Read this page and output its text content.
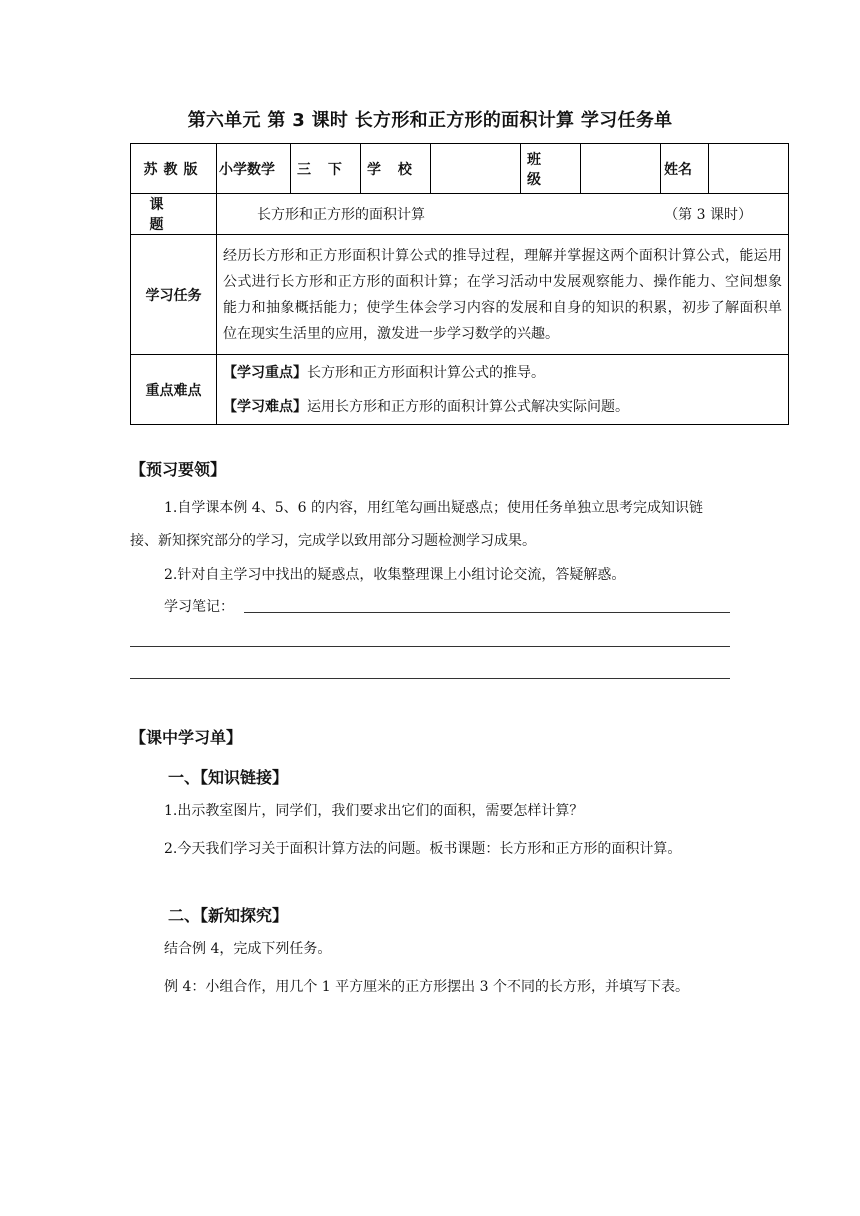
第六单元 第 3 课时 长方形和正方形的面积计算 学习任务单
苏教版	小学数学	三 下	学 校		班 级		姓名	
课 题	长方形和正方形的面积计算 （第 3 课时）							

学习任务	经历长方形和正方形面积计算公式的推导过程，理解并掌握这两个面积计算公式，能运用公式进行长方形和正方形的面积计算；在学习活动中发展观察能力、操作能力、空间想象能力和抽象概括能力；使学生体会学习内容的发展和自身的知识的积累，初步了解面积单位在现实生活里的应用，激发进一步学习数学的兴趣。							
重点难点	【学习重点】长方形和正方形面积计算公式的推导。
【学习难点】运用长方形和正方形的面积计算公式解决实际问题。							
【预习要领】
1.自学课本例 4、5、6 的内容，用红笔勾画出疑惑点；使用任务单独立思考完成知识链接、新知探究部分的学习，完成学以致用部分习题检测学习成果。
2.针对自主学习中找出的疑惑点，收集整理课上小组讨论交流，答疑解惑。
学习笔记：
【课中学习单】
一、【知识链接】
1.出示教室图片，同学们，我们要求出它们的面积，需要怎样计算？
2.今天我们学习关于面积计算方法的问题。板书课题：长方形和正方形的面积计算。
二、【新知探究】
结合例 4，完成下列任务。
例 4：小组合作，用几个 1 平方厘米的正方形摆出 3 个不同的长方形，并填写下表。
